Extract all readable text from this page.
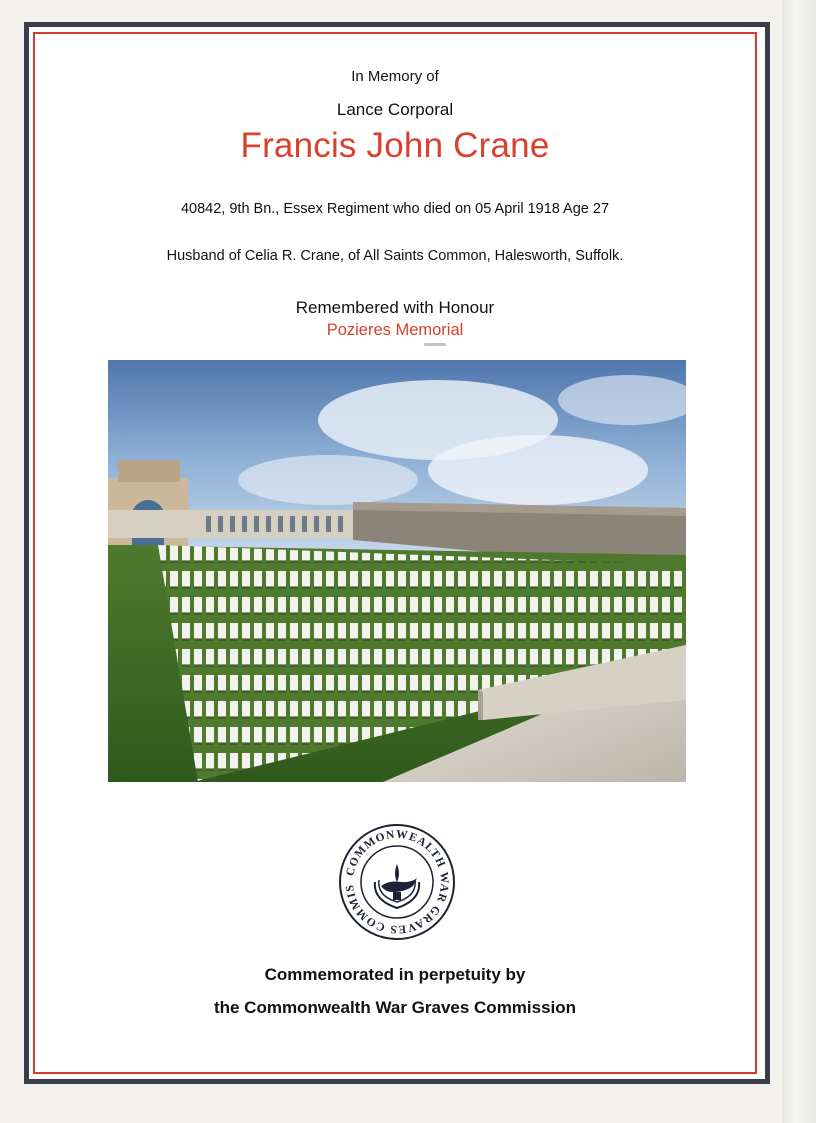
In Memory of

Lance Corporal

Francis John Crane

40842, 9th Bn., Essex Regiment who died on 05 April 1918 Age 27

Husband of Celia R. Crane, of All Saints Common, Halesworth, Suffolk.

Remembered with Honour

Pozieres Memorial

COMMONWEALTH WAR GRAVES COMMIS

Commemorated in perpetuity by

the Commonwealth War Graves Commission
